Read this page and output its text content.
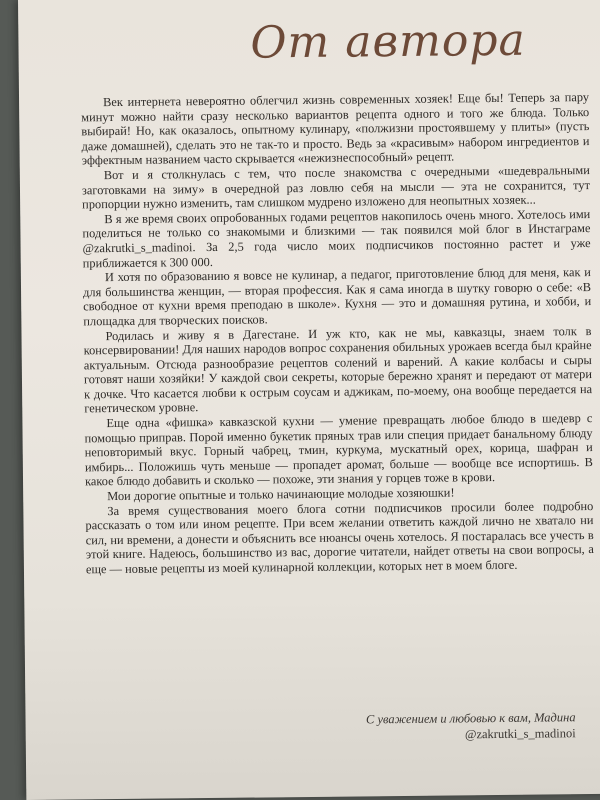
От автора

Век интернета невероятно облегчил жизнь современных хозяек! Еще бы! Теперь за пару минут можно найти сразу несколько вариантов рецепта одного и того же блюда. Только выбирай! Но, как оказалось, опытному кулинару, «полжизни простоявшему у плиты» (пусть даже домашней), сделать это не так-то и просто. Ведь за «красивым» набором ингредиентов и эффектным названием часто скрывается «нежизнеспособный» рецепт.

Вот и я столкнулась с тем, что после знакомства с очередными «шедевральными заготовками на зиму» в очередной раз ловлю себя на мысли — эта не сохранится, тут пропорции нужно изменить, там слишком мудрено изложено для неопытных хозяек...

В я же время своих опробованных годами рецептов накопилось очень много. Хотелось ими поделиться не только со знакомыми и близкими — так появился мой блог в Инстаграме @zakrutki_s_madinoi. За 2,5 года число моих подписчиков постоянно растет и уже приближается к 300 000.

И хотя по образованию я вовсе не кулинар, а педагог, приготовление блюд для меня, как и для большинства женщин, — вторая профессия. Как я сама иногда в шутку говорю о себе: «В свободное от кухни время преподаю в школе». Кухня — это и домашняя рутина, и хобби, и площадка для творческих поисков.

Родилась и живу я в Дагестане. И уж кто, как не мы, кавказцы, знаем толк в консервировании! Для наших народов вопрос сохранения обильных урожаев всегда был крайне актуальным. Отсюда разнообразие рецептов солений и варений. А какие колбасы и сыры готовят наши хозяйки! У каждой свои секреты, которые бережно хранят и передают от матери к дочке. Что касается любви к острым соусам и аджикам, по-моему, она вообще передается на генетическом уровне.

Еще одна «фишка» кавказской кухни — умение превращать любое блюдо в шедевр с помощью приправ. Порой именно букетик пряных трав или специя придает банальному блюду неповторимый вкус. Горный чабрец, тмин, куркума, мускатный орех, корица, шафран и имбирь... Положишь чуть меньше — пропадет аромат, больше — вообще все испортишь. В какое блюдо добавить и сколько — похоже, эти знания у горцев тоже в крови.

Мои дорогие опытные и только начинающие молодые хозяюшки!

За время существования моего блога сотни подписчиков просили более подробно рассказать о том или ином рецепте. При всем желании ответить каждой лично не хватало ни сил, ни времени, а донести и объяснить все нюансы очень хотелось. Я постаралась все учесть в этой книге. Надеюсь, большинство из вас, дорогие читатели, найдет ответы на свои вопросы, а еще — новые рецепты из моей кулинарной коллекции, которых нет в моем блоге.

С уважением и любовью к вам, Мадина
@zakrutki_s_madinoi
